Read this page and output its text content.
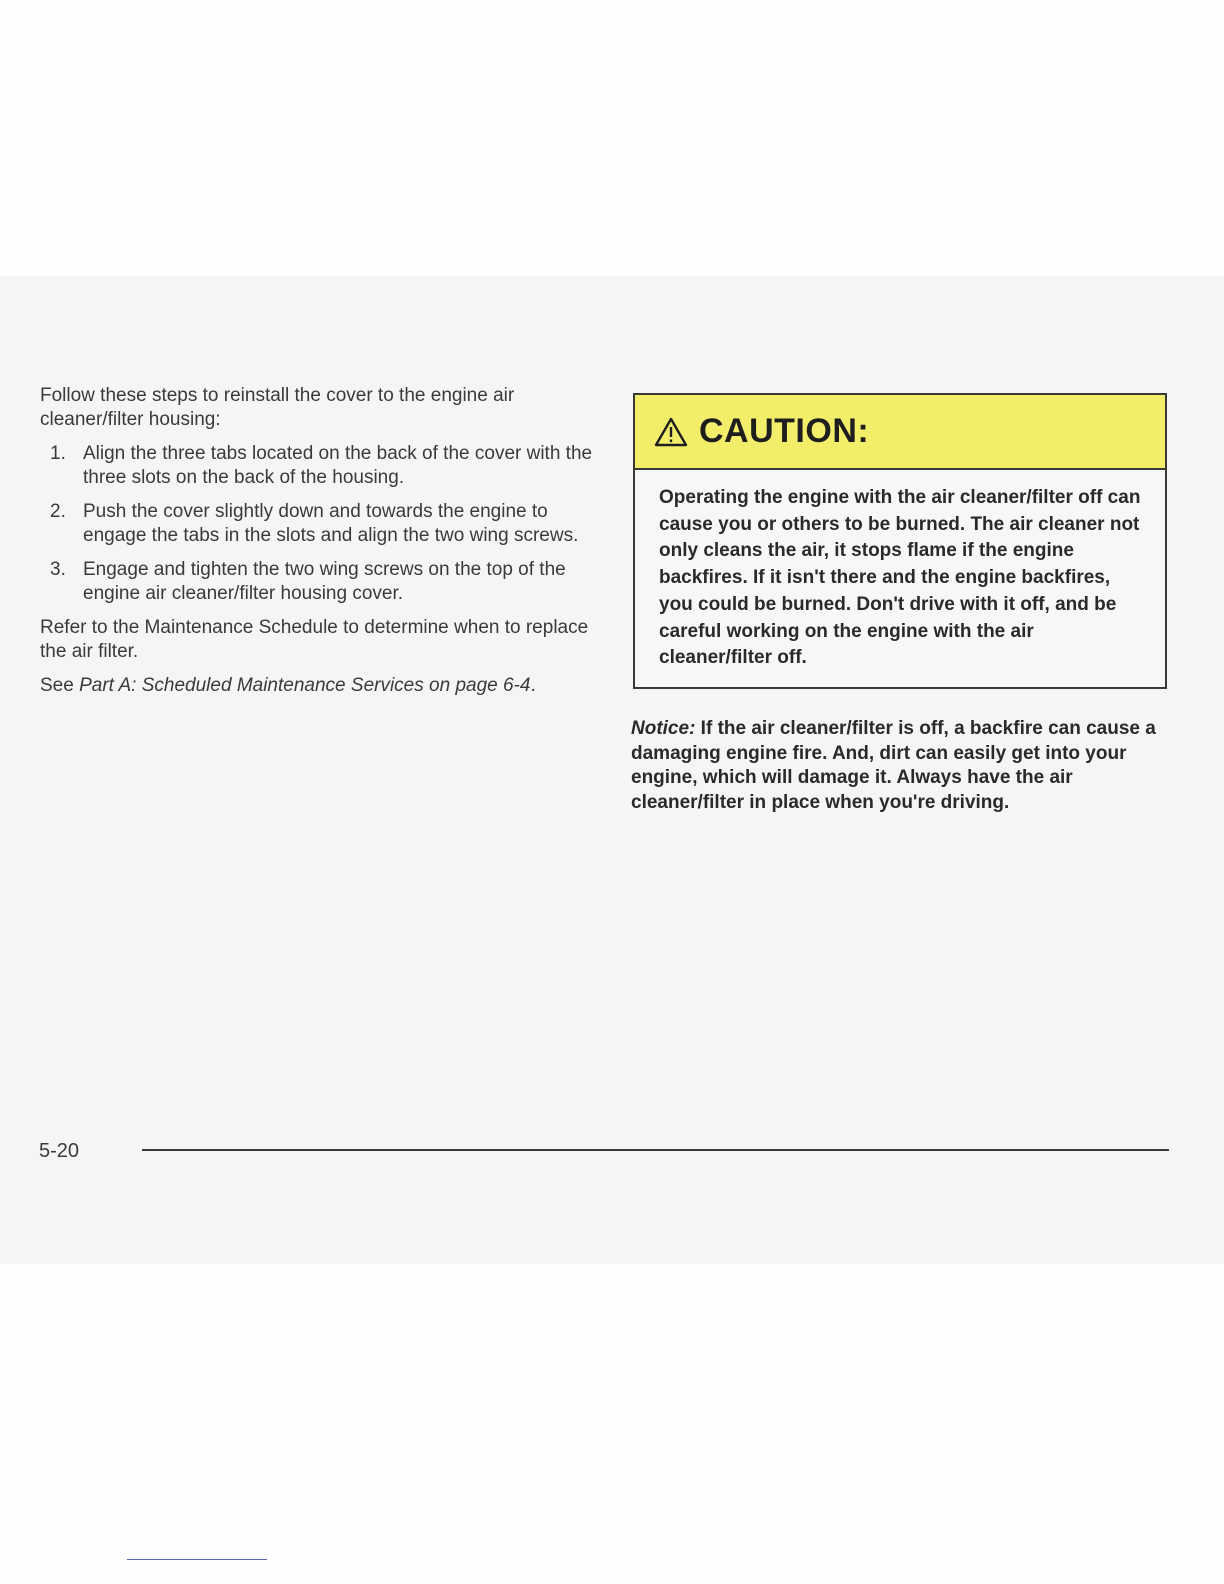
Follow these steps to reinstall the cover to the engine air cleaner/filter housing:

1. Align the three tabs located on the back of the cover with the three slots on the back of the housing.
2. Push the cover slightly down and towards the engine to engage the tabs in the slots and align the two wing screws.
3. Engage and tighten the two wing screws on the top of the engine air cleaner/filter housing cover.

Refer to the Maintenance Schedule to determine when to replace the air filter.

See Part A: Scheduled Maintenance Services on page 6-4.

CAUTION:

Operating the engine with the air cleaner/filter off can cause you or others to be burned. The air cleaner not only cleans the air, it stops flame if the engine backfires. If it isn't there and the engine backfires, you could be burned. Don't drive with it off, and be careful working on the engine with the air cleaner/filter off.

Notice: If the air cleaner/filter is off, a backfire can cause a damaging engine fire. And, dirt can easily get into your engine, which will damage it. Always have the air cleaner/filter in place when you're driving.

5-20
